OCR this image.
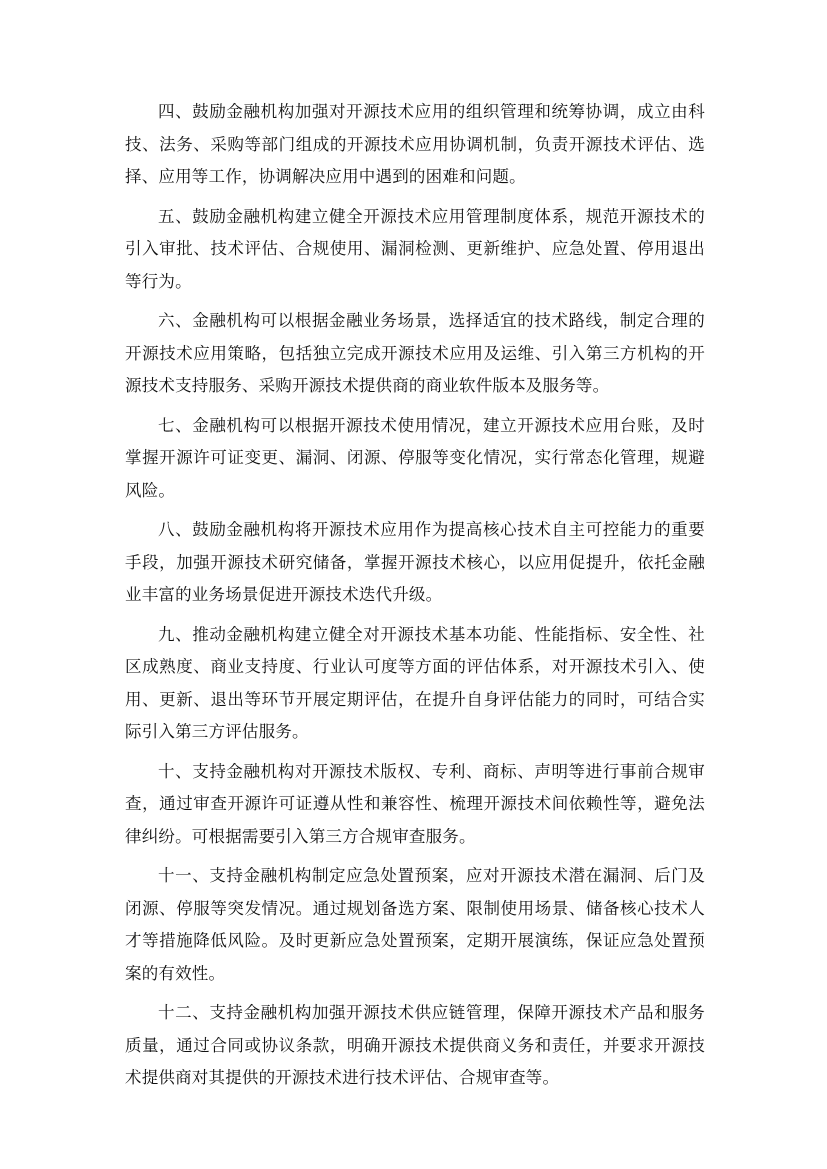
四、鼓励金融机构加强对开源技术应用的组织管理和统筹协调，成立由科技、法务、采购等部门组成的开源技术应用协调机制，负责开源技术评估、选择、应用等工作，协调解决应用中遇到的困难和问题。

五、鼓励金融机构建立健全开源技术应用管理制度体系，规范开源技术的引入审批、技术评估、合规使用、漏洞检测、更新维护、应急处置、停用退出等行为。

六、金融机构可以根据金融业务场景，选择适宜的技术路线，制定合理的开源技术应用策略，包括独立完成开源技术应用及运维、引入第三方机构的开源技术支持服务、采购开源技术提供商的商业软件版本及服务等。

七、金融机构可以根据开源技术使用情况，建立开源技术应用台账，及时掌握开源许可证变更、漏洞、闭源、停服等变化情况，实行常态化管理，规避风险。

八、鼓励金融机构将开源技术应用作为提高核心技术自主可控能力的重要手段，加强开源技术研究储备，掌握开源技术核心，以应用促提升，依托金融业丰富的业务场景促进开源技术迭代升级。

九、推动金融机构建立健全对开源技术基本功能、性能指标、安全性、社区成熟度、商业支持度、行业认可度等方面的评估体系，对开源技术引入、使用、更新、退出等环节开展定期评估，在提升自身评估能力的同时，可结合实际引入第三方评估服务。

十、支持金融机构对开源技术版权、专利、商标、声明等进行事前合规审查，通过审查开源许可证遵从性和兼容性、梳理开源技术间依赖性等，避免法律纠纷。可根据需要引入第三方合规审查服务。

十一、支持金融机构制定应急处置预案，应对开源技术潜在漏洞、后门及闭源、停服等突发情况。通过规划备选方案、限制使用场景、储备核心技术人才等措施降低风险。及时更新应急处置预案，定期开展演练，保证应急处置预案的有效性。

十二、支持金融机构加强开源技术供应链管理，保障开源技术产品和服务质量，通过合同或协议条款，明确开源技术提供商义务和责任，并要求开源技术提供商对其提供的开源技术进行技术评估、合规审查等。
